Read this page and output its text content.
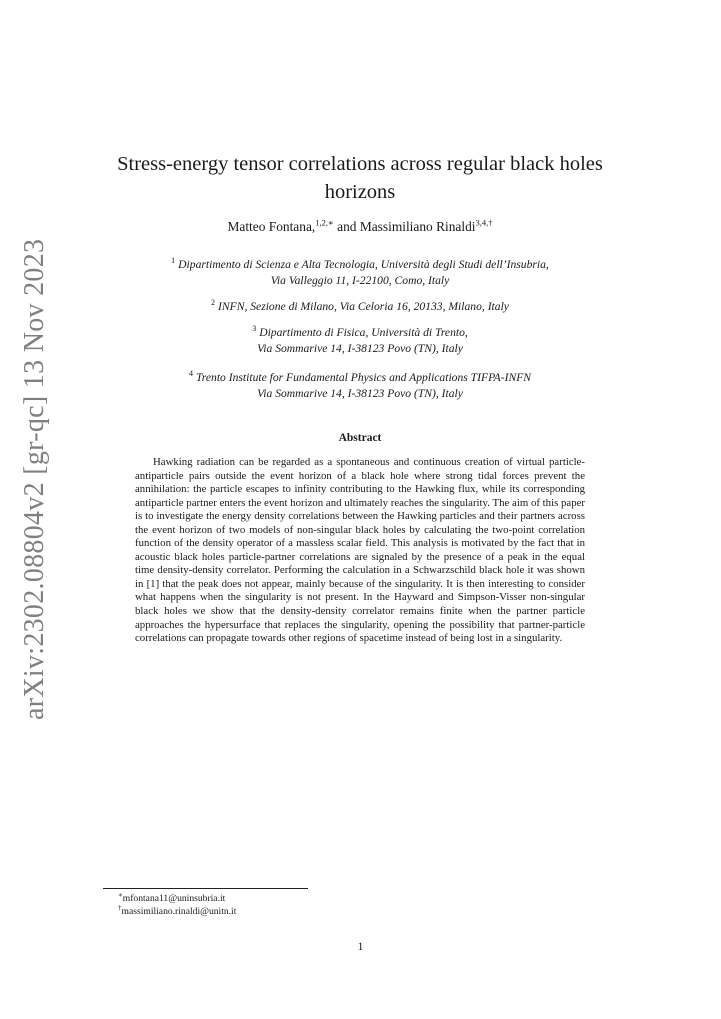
arXiv:2302.08804v2 [gr-qc] 13 Nov 2023
Stress-energy tensor correlations across regular black holes horizons
Matteo Fontana,$^{1,2,∗}$ and Massimiliano Rinaldi$^{3,4,\dagger}$
$^1$ Dipartimento di Scienza e Alta Tecnologia, Università degli Studi dell’Insubria,
Via Valleggio 11, I-22100, Como, Italy
$^2$ INFN, Sezione di Milano, Via Celoria 16, 20133, Milano, Italy
$^3$ Dipartimento di Fisica, Università di Trento,
Via Sommarive 14, I-38123 Povo (TN), Italy
$^4$ Trento Institute for Fundamental Physics and Applications TIFPA-INFN
Via Sommarive 14, I-38123 Povo (TN), Italy
Abstract

Hawking radiation can be regarded as a spontaneous and continuous creation of virtual particle-antiparticle pairs outside the event horizon of a black hole where strong tidal forces prevent the annihilation: the particle escapes to infinity contributing to the Hawking flux, while its corresponding antiparticle partner enters the event horizon and ultimately reaches the singularity. The aim of this paper is to investigate the energy density correlations between the Hawking particles and their partners across the event horizon of two models of non-singular black holes by calculating the two-point correlation function of the density operator of a massless scalar field. This analysis is motivated by the fact that in acoustic black holes particle-partner correlations are signaled by the presence of a peak in the equal time density-density correlator. Performing the calculation in a Schwarzschild black hole it was shown in [1] that the peak does not appear, mainly because of the singularity. It is then interesting to consider what happens when the singularity is not present. In the Hayward and Simpson-Visser non-singular black holes we show that the density-density correlator remains finite when the partner particle approaches the hypersurface that replaces the singularity, opening the possibility that partner-particle correlations can propagate towards other regions of spacetime instead of being lost in a singularity.

∗mfontana11@uninsubria.it
†massimiliano.rinaldi@unitn.it
1
